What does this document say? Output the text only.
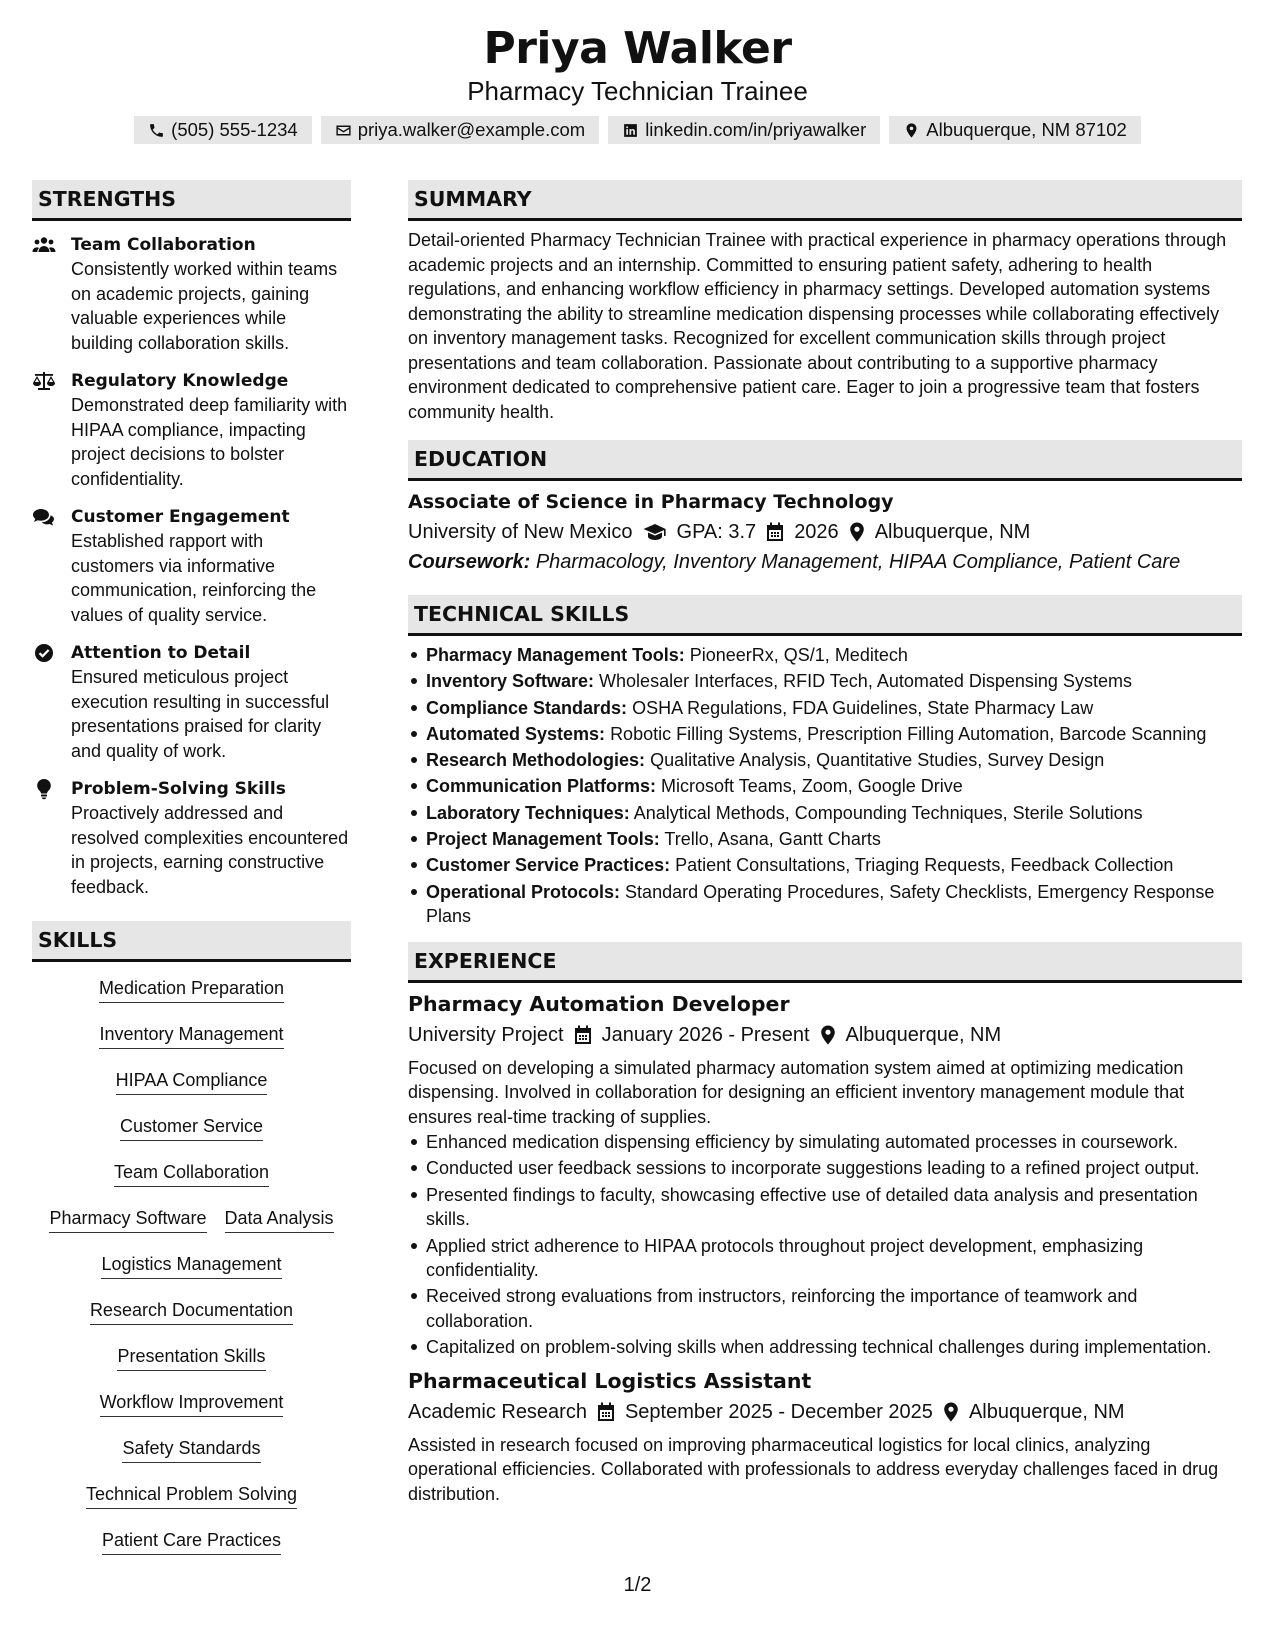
Priya Walker
Pharmacy Technician Trainee
(505) 555-1234	priya.walker@example.com	linkedin.com/in/priyawalker	Albuquerque, NM 87102
STRENGTHS
Team Collaboration
Consistently worked within teams on academic projects, gaining valuable experiences while building collaboration skills.
Regulatory Knowledge
Demonstrated deep familiarity with HIPAA compliance, impacting project decisions to bolster confidentiality.
Customer Engagement
Established rapport with customers via informative communication, reinforcing the values of quality service.
Attention to Detail
Ensured meticulous project execution resulting in successful presentations praised for clarity and quality of work.
Problem-Solving Skills
Proactively addressed and resolved complexities encountered in projects, earning constructive feedback.
SKILLS
Medication Preparation
Inventory Management
HIPAA Compliance
Customer Service
Team Collaboration
Pharmacy Software Data Analysis
Logistics Management
Research Documentation
Presentation Skills
Workflow Improvement
Safety Standards
Technical Problem Solving
Patient Care Practices
SUMMARY
Detail-oriented Pharmacy Technician Trainee with practical experience in pharmacy operations through academic projects and an internship. Committed to ensuring patient safety, adhering to health regulations, and enhancing workflow efficiency in pharmacy settings. Developed automation systems demonstrating the ability to streamline medication dispensing processes while collaborating effectively on inventory management tasks. Recognized for excellent communication skills through project presentations and team collaboration. Passionate about contributing to a supportive pharmacy environment dedicated to comprehensive patient care. Eager to join a progressive team that fosters community health.
EDUCATION
Associate of Science in Pharmacy Technology
University of New Mexico GPA: 3.7 2026 Albuquerque, NM
Coursework: Pharmacology, Inventory Management, HIPAA Compliance, Patient Care
TECHNICAL SKILLS
Pharmacy Management Tools: PioneerRx, QS/1, Meditech
Inventory Software: Wholesaler Interfaces, RFID Tech, Automated Dispensing Systems
Compliance Standards: OSHA Regulations, FDA Guidelines, State Pharmacy Law
Automated Systems: Robotic Filling Systems, Prescription Filling Automation, Barcode Scanning
Research Methodologies: Qualitative Analysis, Quantitative Studies, Survey Design
Communication Platforms: Microsoft Teams, Zoom, Google Drive
Laboratory Techniques: Analytical Methods, Compounding Techniques, Sterile Solutions
Project Management Tools: Trello, Asana, Gantt Charts
Customer Service Practices: Patient Consultations, Triaging Requests, Feedback Collection
Operational Protocols: Standard Operating Procedures, Safety Checklists, Emergency Response Plans
EXPERIENCE
Pharmacy Automation Developer
University Project January 2026 - Present Albuquerque, NM
Focused on developing a simulated pharmacy automation system aimed at optimizing medication dispensing. Involved in collaboration for designing an efficient inventory management module that ensures real-time tracking of supplies.
Enhanced medication dispensing efficiency by simulating automated processes in coursework.
Conducted user feedback sessions to incorporate suggestions leading to a refined project output.
Presented findings to faculty, showcasing effective use of detailed data analysis and presentation skills.
Applied strict adherence to HIPAA protocols throughout project development, emphasizing confidentiality.
Received strong evaluations from instructors, reinforcing the importance of teamwork and collaboration.
Capitalized on problem-solving skills when addressing technical challenges during implementation.
Pharmaceutical Logistics Assistant
Academic Research September 2025 - December 2025 Albuquerque, NM
Assisted in research focused on improving pharmaceutical logistics for local clinics, analyzing operational efficiencies. Collaborated with professionals to address everyday challenges faced in drug distribution.
1/2
